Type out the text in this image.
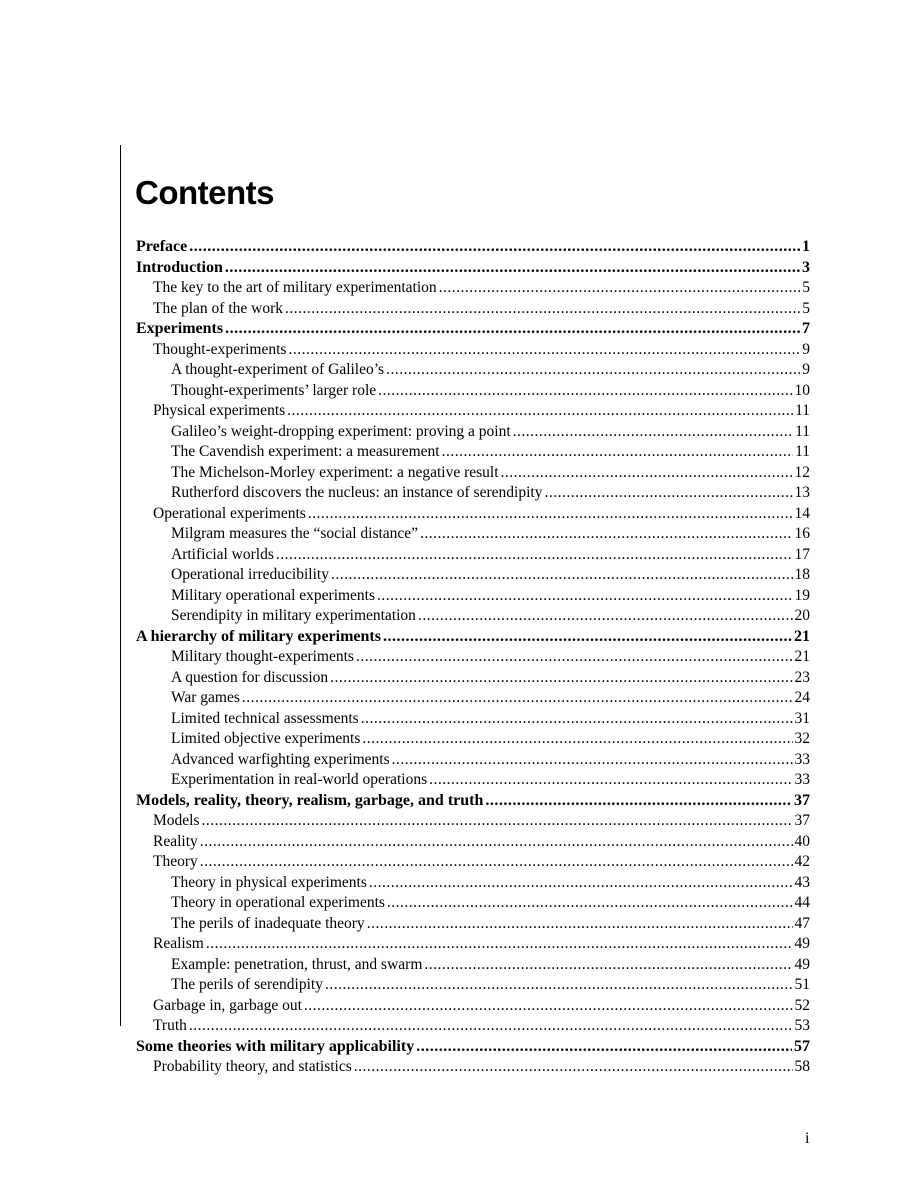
Contents
Preface .....	1
Introduction .....	3
The key to the art of military experimentation .....	5
The plan of the work .....	5
Experiments .....	7
Thought-experiments .....	9
A thought-experiment of Galileo’s .....	9
Thought-experiments’ larger role .....	10
Physical experiments .....	11
Galileo’s weight-dropping experiment: proving a point .....	11
The Cavendish experiment: a measurement .....	11
The Michelson-Morley experiment: a negative result .....	12
Rutherford discovers the nucleus: an instance of serendipity .....	13
Operational experiments .....	14
Milgram measures the “social distance” .....	16
Artificial worlds .....	17
Operational irreducibility .....	18
Military operational experiments .....	19
Serendipity in military experimentation .....	20
A hierarchy of military experiments .....	21
Military thought-experiments .....	21
A question for discussion .....	23
War games .....	24
Limited technical assessments .....	31
Limited objective experiments .....	32
Advanced warfighting experiments .....	33
Experimentation in real-world operations .....	33
Models, reality, theory, realism, garbage, and truth .....	37
Models .....	37
Reality .....	40
Theory .....	42
Theory in physical experiments .....	43
Theory in operational experiments .....	44
The perils of inadequate theory .....	47
Realism .....	49
Example: penetration, thrust, and swarm .....	49
The perils of serendipity .....	51
Garbage in, garbage out .....	52
Truth .....	53
Some theories with military applicability .....	57
Probability theory, and statistics .....	58
i
